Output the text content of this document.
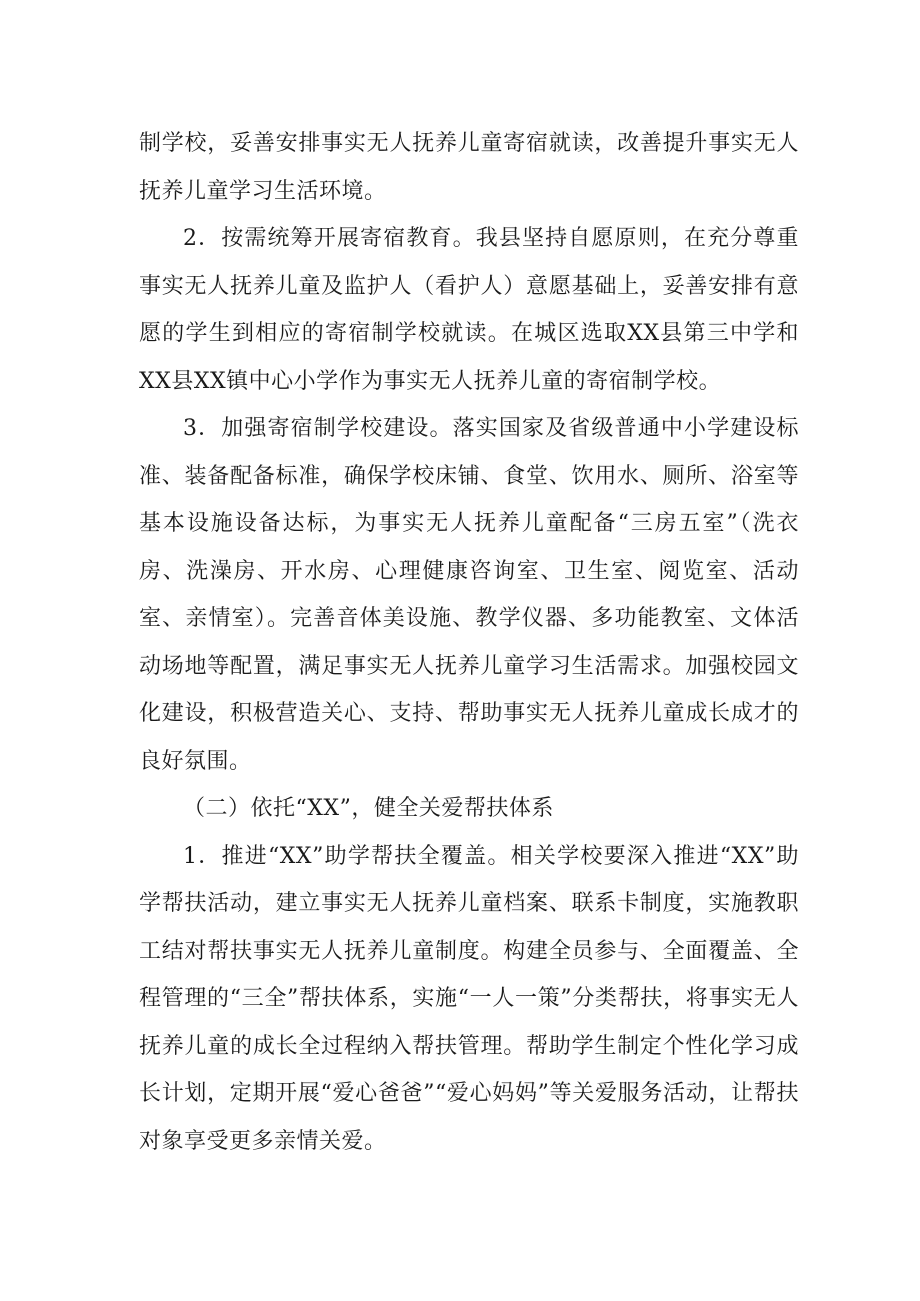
制学校，妥善安排事实无人抚养儿童寄宿就读，改善提升事实无人抚养儿童学习生活环境。

2．按需统筹开展寄宿教育。我县坚持自愿原则，在充分尊重事实无人抚养儿童及监护人（看护人）意愿基础上，妥善安排有意愿的学生到相应的寄宿制学校就读。在城区选取XX县第三中学和XX县XX镇中心小学作为事实无人抚养儿童的寄宿制学校。

3．加强寄宿制学校建设。落实国家及省级普通中小学建设标准、装备配备标准，确保学校床铺、食堂、饮用水、厕所、浴室等基本设施设备达标，为事实无人抚养儿童配备“三房五室”（洗衣房、洗澡房、开水房、心理健康咨询室、卫生室、阅览室、活动室、亲情室）。完善音体美设施、教学仪器、多功能教室、文体活动场地等配置，满足事实无人抚养儿童学习生活需求。加强校园文化建设，积极营造关心、支持、帮助事实无人抚养儿童成长成才的良好氛围。

（二）依托“XX”，健全关爱帮扶体系

1．推进“XX”助学帮扶全覆盖。相关学校要深入推进“XX”助学帮扶活动，建立事实无人抚养儿童档案、联系卡制度，实施教职工结对帮扶事实无人抚养儿童制度。构建全员参与、全面覆盖、全程管理的“三全”帮扶体系，实施“一人一策”分类帮扶，将事实无人抚养儿童的成长全过程纳入帮扶管理。帮助学生制定个性化学习成长计划，定期开展“爱心爸爸”“爱心妈妈”等关爱服务活动，让帮扶对象享受更多亲情关爱。
